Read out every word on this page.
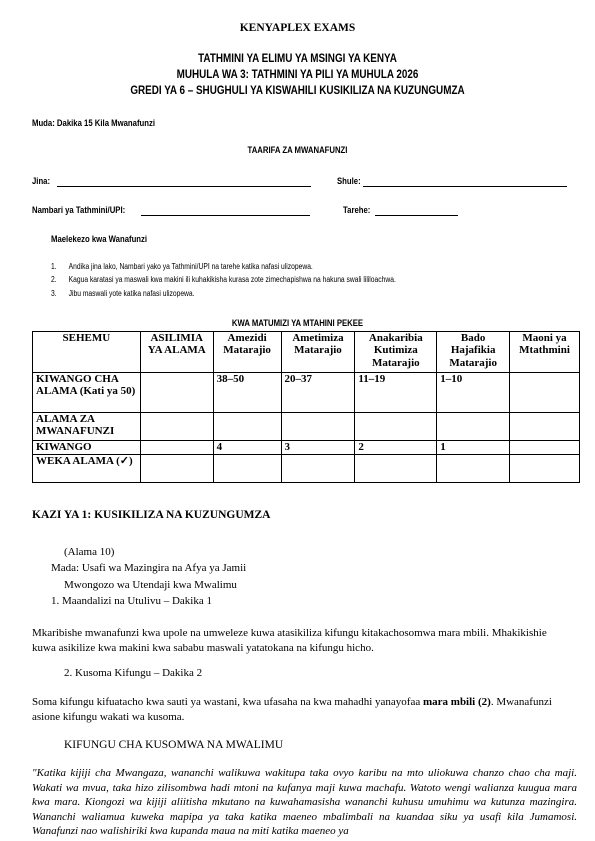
KENYAPLEX EXAMS
TATHMINI YA ELIMU YA MSINGI YA KENYA
MUHULA WA 3: TATHMINI YA PILI YA MUHULA 2026
GREDI YA 6 – SHUGHULI YA KISWAHILI KUSIKILIZA NA KUZUNGUMZA
Muda: Dakika 15 Kila Mwanafunzi
TAARIFA ZA MWANAFUNZI
Jina:	Shule:
Nambari ya Tathmini/UPI:	Tarehe:
Maelekezo kwa Wanafunzi
1. Andika jina lako, Nambari yako ya Tathmini/UPI na tarehe katika nafasi ulizopewa.
2. Kagua karatasi ya maswali kwa makini ili kuhakikisha kurasa zote zimechapishwa na hakuna swali lililoachwa.
3. Jibu maswali yote katika nafasi ulizopewa.
KWA MATUMIZI YA MTAHINI PEKEE
SEHEMU	ASILIMIA YA ALAMA	Amezidi Matarajio	Ametimiza Matarajio	Anakaribia Kutimiza Matarajio	Bado Hajafikia Matarajio	Maoni ya Mtathmini
KIWANGO CHA ALAMA (Kati ya 50)		38–50	20–37	11–19	1–10	
ALAMA ZA MWANAFUNZI						
KIWANGO		4	3	2	1	
WEKA ALAMA (✓)						
KAZI YA 1: KUSIKILIZA NA KUZUNGUMZA
(Alama 10)
Mada: Usafi wa Mazingira na Afya ya Jamii
Mwongozo wa Utendaji kwa Mwalimu
1. Maandalizi na Utulivu – Dakika 1
Mkaribishe mwanafunzi kwa upole na umweleze kuwa atasikiliza kifungu kitakachosomwa mara mbili. Mhakikishie kuwa asikilize kwa makini kwa sababu maswali yatatokana na kifungu hicho.
2. Kusoma Kifungu – Dakika 2
Soma kifungu kifuatacho kwa sauti ya wastani, kwa ufasaha na kwa mahadhi yanayofaa mara mbili (2). Mwanafunzi asione kifungu wakati wa kusoma.
KIFUNGU CHA KUSOMWA NA MWALIMU
"Katika kijiji cha Mwangaza, wananchi walikuwa wakitupa taka ovyo karibu na mto uliokuwa chanzo chao cha maji. Wakati wa mvua, taka hizo zilisombwa hadi mtoni na kufanya maji kuwa machafu. Watoto wengi walianza kuugua mara kwa mara. Kiongozi wa kijiji aliitisha mkutano na kuwahamasisha wananchi kuhusu umuhimu wa kutunza mazingira. Wananchi waliamua kuweka mapipa ya taka katika maeneo mbalimbali na kuandaa siku ya usafi kila Jumamosi. Wanafunzi nao walishiriki kwa kupanda maua na miti katika maeneo ya
